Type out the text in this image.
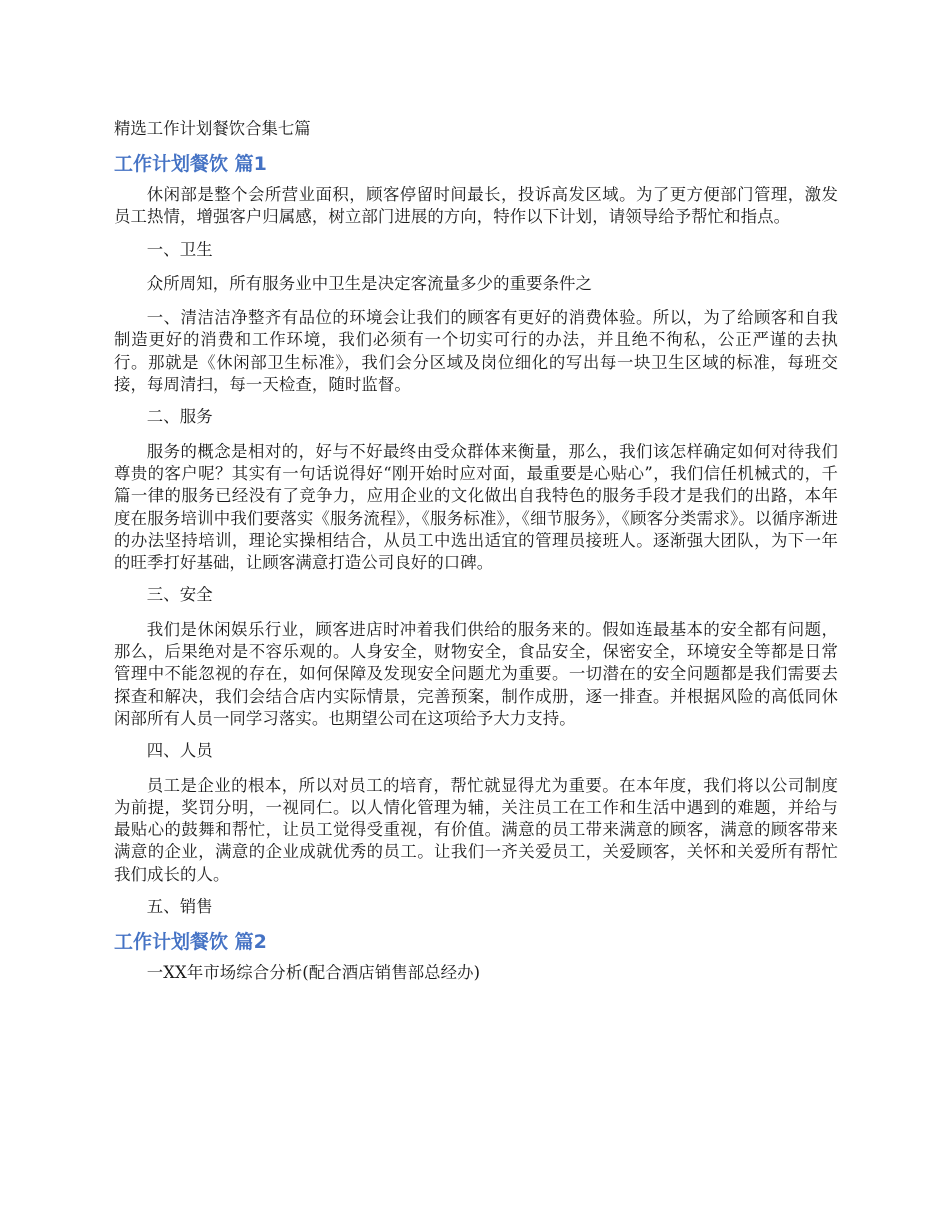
精选工作计划餐饮合集七篇
工作计划餐饮 篇1

休闲部是整个会所营业面积，顾客停留时间最长，投诉高发区域。为了更方便部门管理，激发员工热情，增强客户归属感，树立部门进展的方向，特作以下计划，请领导给予帮忙和指点。

一、卫生

众所周知，所有服务业中卫生是决定客流量多少的重要条件之

一、清洁洁净整齐有品位的环境会让我们的顾客有更好的消费体验。所以，为了给顾客和自我制造更好的消费和工作环境，我们必须有一个切实可行的办法，并且绝不徇私，公正严谨的去执行。那就是《休闲部卫生标准》，我们会分区域及岗位细化的写出每一块卫生区域的标准，每班交接，每周清扫，每一天检查，随时监督。

二、服务

服务的概念是相对的，好与不好最终由受众群体来衡量，那么，我们该怎样确定如何对待我们尊贵的客户呢？其实有一句话说得好“刚开始时应对面，最重要是心贴心”，我们信任机械式的，千篇一律的服务已经没有了竞争力，应用企业的文化做出自我特色的服务手段才是我们的出路，本年度在服务培训中我们要落实《服务流程》，《服务标准》，《细节服务》，《顾客分类需求》。以循序渐进的办法坚持培训，理论实操相结合，从员工中选出适宜的管理员接班人。逐渐强大团队，为下一年的旺季打好基础，让顾客满意打造公司良好的口碑。

三、安全

我们是休闲娱乐行业，顾客进店时冲着我们供给的服务来的。假如连最基本的安全都有问题，那么，后果绝对是不容乐观的。人身安全，财物安全，食品安全，保密安全，环境安全等都是日常管理中不能忽视的存在，如何保障及发现安全问题尤为重要。一切潜在的安全问题都是我们需要去探查和解决，我们会结合店内实际情景，完善预案，制作成册，逐一排查。并根据风险的高低同休闲部所有人员一同学习落实。也期望公司在这项给予大力支持。

四、人员

员工是企业的根本，所以对员工的培育，帮忙就显得尤为重要。在本年度，我们将以公司制度为前提，奖罚分明，一视同仁。以人情化管理为辅，关注员工在工作和生活中遇到的难题，并给与最贴心的鼓舞和帮忙，让员工觉得受重视，有价值。满意的员工带来满意的顾客，满意的顾客带来满意的企业，满意的企业成就优秀的员工。让我们一齐关爱员工，关爱顾客，关怀和关爱所有帮忙我们成长的人。

五、销售

工作计划餐饮 篇2

一XX年市场综合分析(配合酒店销售部总经办)
